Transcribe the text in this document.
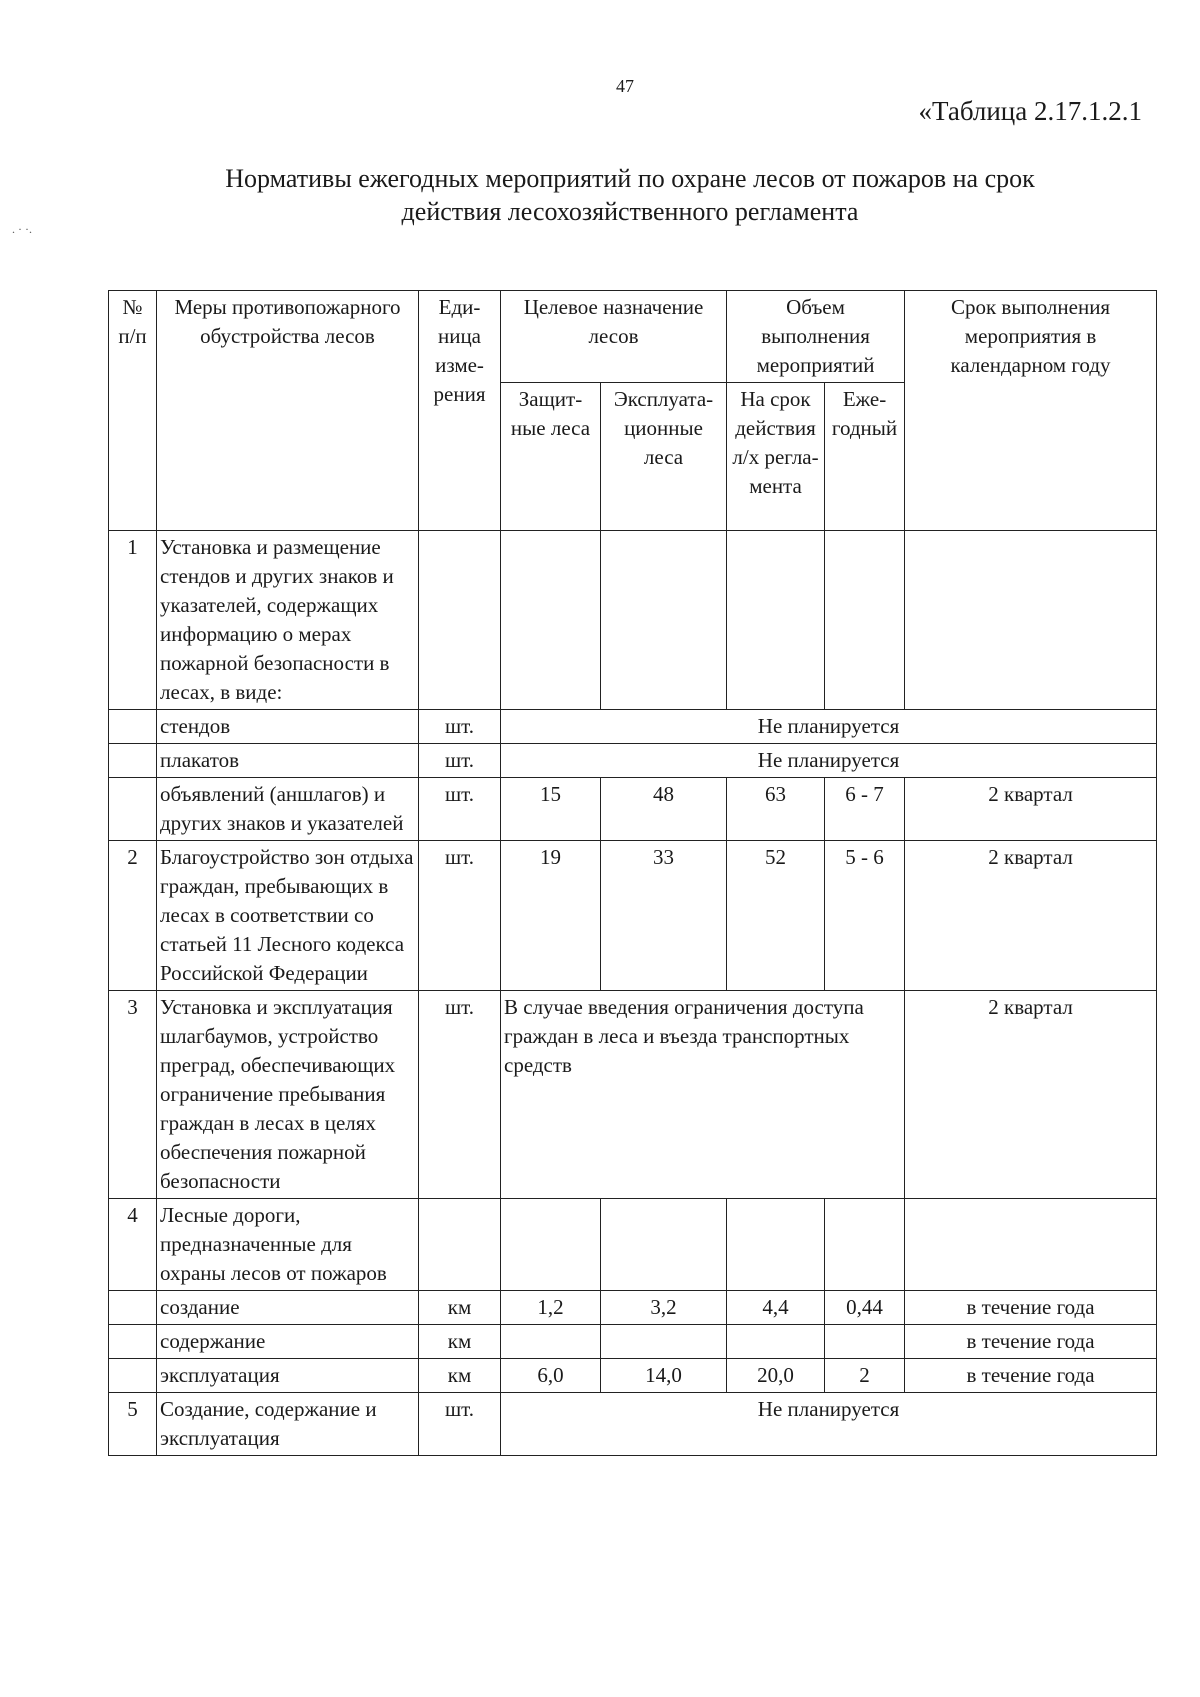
47
«Таблица 2.17.1.2.1
Нормативы ежегодных мероприятий по охране лесов от пожаров на срок
действия лесохозяйственного регламента
. · ·.
№ п/п	Меры противопожарного обустройства лесов	Еди-ница изме-рения	Целевое назначение лесов		Объем выполнения мероприятий		Срок выполнения мероприятия в календарном году
			Защит-ные леса	Эксплуата-ционные леса	На срок действия л/х регла-мента	Еже-годный	
1	Установка и размещение стендов и других знаков и указателей, содержащих информацию о мерах пожарной безопасности в лесах, в виде:						
	стендов	шт.	Не планируется				
	плакатов	шт.	Не планируется				
	объявлений (аншлагов) и других знаков и указателей	шт.	15	48	63	6 - 7	2 квартал
2	Благоустройство зон отдыха граждан, пребывающих в лесах в соответствии со статьей 11 Лесного кодекса Российской Федерации	шт.	19	33	52	5 - 6	2 квартал
3	Установка и эксплуатация шлагбаумов, устройство преград, обеспечивающих ограничение пребывания граждан в лесах в целях обеспечения пожарной безопасности	шт.	В случае введения ограничения доступа граждан в леса и въезда транспортных средств				2 квартал
4	Лесные дороги, предназначенные для охраны лесов от пожаров						
	создание	км	1,2	3,2	4,4	0,44	в течение года
	содержание	км					в течение года
	эксплуатация	км	6,0	14,0	20,0	2	в течение года
5	Создание, содержание и эксплуатация	шт.	Не планируется				
